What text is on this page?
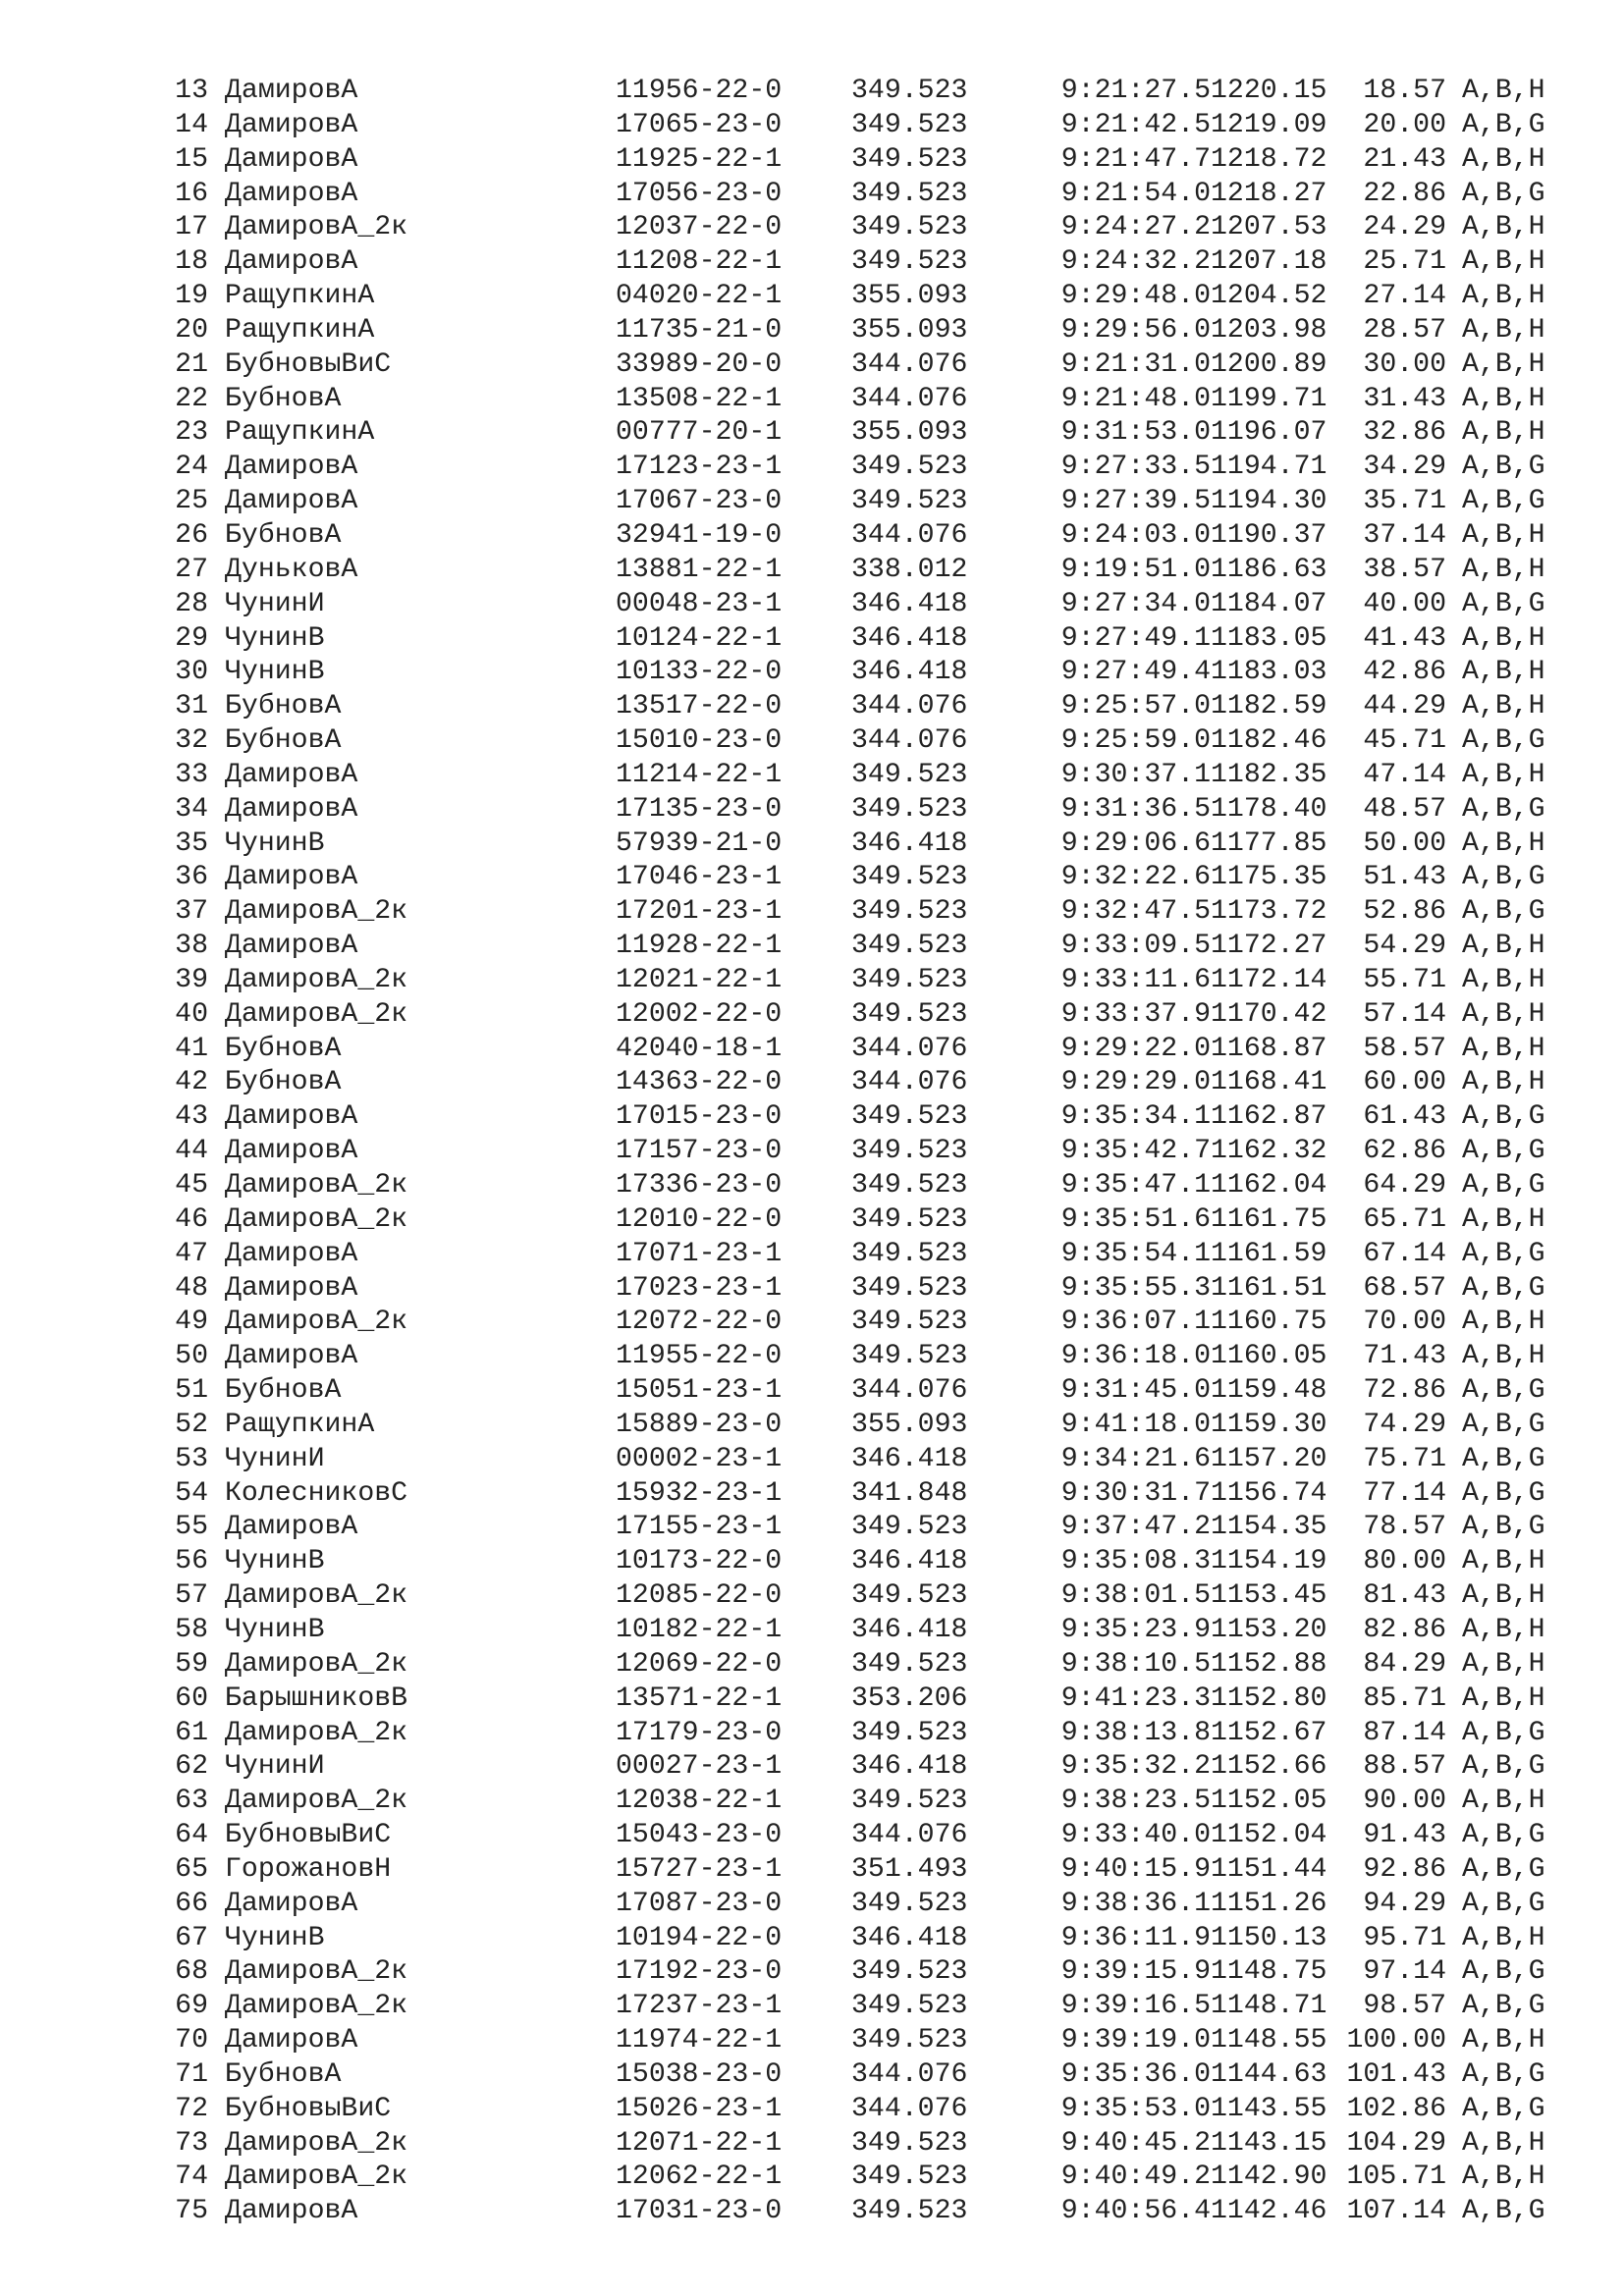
13 ДамировА	11956-22-0	349.523	9:21:27.5 1220.15	18.57 A,B,H
14 ДамировА	17065-23-0	349.523	9:21:42.5 1219.09	20.00 A,B,G
15 ДамировА	11925-22-1	349.523	9:21:47.7 1218.72	21.43 A,B,H
16 ДамировА	17056-23-0	349.523	9:21:54.0 1218.27	22.86 A,B,G
17 ДамировА_2к	12037-22-0	349.523	9:24:27.2 1207.53	24.29 A,B,H
18 ДамировА	11208-22-1	349.523	9:24:32.2 1207.18	25.71 A,B,H
19 РащупкинА	04020-22-1	355.093	9:29:48.0 1204.52	27.14 A,B,H
20 РащупкинА	11735-21-0	355.093	9:29:56.0 1203.98	28.57 A,B,H
21 БубновыВиС	33989-20-0	344.076	9:21:31.0 1200.89	30.00 A,B,H
22 БубновА	13508-22-1	344.076	9:21:48.0 1199.71	31.43 A,B,H
23 РащупкинА	00777-20-1	355.093	9:31:53.0 1196.07	32.86 A,B,H
24 ДамировА	17123-23-1	349.523	9:27:33.5 1194.71	34.29 A,B,G
25 ДамировА	17067-23-0	349.523	9:27:39.5 1194.30	35.71 A,B,G
26 БубновА	32941-19-0	344.076	9:24:03.0 1190.37	37.14 A,B,H
27 ДуньковА	13881-22-1	338.012	9:19:51.0 1186.63	38.57 A,B,H
28 ЧунинИ	00048-23-1	346.418	9:27:34.0 1184.07	40.00 A,B,G
29 ЧунинВ	10124-22-1	346.418	9:27:49.1 1183.05	41.43 A,B,H
30 ЧунинВ	10133-22-0	346.418	9:27:49.4 1183.03	42.86 A,B,H
31 БубновА	13517-22-0	344.076	9:25:57.0 1182.59	44.29 A,B,H
32 БубновА	15010-23-0	344.076	9:25:59.0 1182.46	45.71 A,B,G
33 ДамировА	11214-22-1	349.523	9:30:37.1 1182.35	47.14 A,B,H
34 ДамировА	17135-23-0	349.523	9:31:36.5 1178.40	48.57 A,B,G
35 ЧунинВ	57939-21-0	346.418	9:29:06.6 1177.85	50.00 A,B,H
36 ДамировА	17046-23-1	349.523	9:32:22.6 1175.35	51.43 A,B,G
37 ДамировА_2к	17201-23-1	349.523	9:32:47.5 1173.72	52.86 A,B,G
38 ДамировА	11928-22-1	349.523	9:33:09.5 1172.27	54.29 A,B,H
39 ДамировА_2к	12021-22-1	349.523	9:33:11.6 1172.14	55.71 A,B,H
40 ДамировА_2к	12002-22-0	349.523	9:33:37.9 1170.42	57.14 A,B,H
41 БубновА	42040-18-1	344.076	9:29:22.0 1168.87	58.57 A,B,H
42 БубновА	14363-22-0	344.076	9:29:29.0 1168.41	60.00 A,B,H
43 ДамировА	17015-23-0	349.523	9:35:34.1 1162.87	61.43 A,B,G
44 ДамировА	17157-23-0	349.523	9:35:42.7 1162.32	62.86 A,B,G
45 ДамировА_2к	17336-23-0	349.523	9:35:47.1 1162.04	64.29 A,B,G
46 ДамировА_2к	12010-22-0	349.523	9:35:51.6 1161.75	65.71 A,B,H
47 ДамировА	17071-23-1	349.523	9:35:54.1 1161.59	67.14 A,B,G
48 ДамировА	17023-23-1	349.523	9:35:55.3 1161.51	68.57 A,B,G
49 ДамировА_2к	12072-22-0	349.523	9:36:07.1 1160.75	70.00 A,B,H
50 ДамировА	11955-22-0	349.523	9:36:18.0 1160.05	71.43 A,B,H
51 БубновА	15051-23-1	344.076	9:31:45.0 1159.48	72.86 A,B,G
52 РащупкинА	15889-23-0	355.093	9:41:18.0 1159.30	74.29 A,B,G
53 ЧунинИ	00002-23-1	346.418	9:34:21.6 1157.20	75.71 A,B,G
54 КолесниковС	15932-23-1	341.848	9:30:31.7 1156.74	77.14 A,B,G
55 ДамировА	17155-23-1	349.523	9:37:47.2 1154.35	78.57 A,B,G
56 ЧунинВ	10173-22-0	346.418	9:35:08.3 1154.19	80.00 A,B,H
57 ДамировА_2к	12085-22-0	349.523	9:38:01.5 1153.45	81.43 A,B,H
58 ЧунинВ	10182-22-1	346.418	9:35:23.9 1153.20	82.86 A,B,H
59 ДамировА_2к	12069-22-0	349.523	9:38:10.5 1152.88	84.29 A,B,H
60 БарышниковВ	13571-22-1	353.206	9:41:23.3 1152.80	85.71 A,B,H
61 ДамировА_2к	17179-23-0	349.523	9:38:13.8 1152.67	87.14 A,B,G
62 ЧунинИ	00027-23-1	346.418	9:35:32.2 1152.66	88.57 A,B,G
63 ДамировА_2к	12038-22-1	349.523	9:38:23.5 1152.05	90.00 A,B,H
64 БубновыВиС	15043-23-0	344.076	9:33:40.0 1152.04	91.43 A,B,G
65 ГорожановН	15727-23-1	351.493	9:40:15.9 1151.44	92.86 A,B,G
66 ДамировА	17087-23-0	349.523	9:38:36.1 1151.26	94.29 A,B,G
67 ЧунинВ	10194-22-0	346.418	9:36:11.9 1150.13	95.71 A,B,H
68 ДамировА_2к	17192-23-0	349.523	9:39:15.9 1148.75	97.14 A,B,G
69 ДамировА_2к	17237-23-1	349.523	9:39:16.5 1148.71	98.57 A,B,G
70 ДамировА	11974-22-1	349.523	9:39:19.0 1148.55 100.00 A,B,H
71 БубновА	15038-23-0	344.076	9:35:36.0 1144.63 101.43 A,B,G
72 БубновыВиС	15026-23-1	344.076	9:35:53.0 1143.55 102.86 A,B,G
73 ДамировА_2к	12071-22-1	349.523	9:40:45.2 1143.15 104.29 A,B,H
74 ДамировА_2к	12062-22-1	349.523	9:40:49.2 1142.90 105.71 A,B,H
75 ДамировА	17031-23-0	349.523	9:40:56.4 1142.46 107.14 A,B,G
